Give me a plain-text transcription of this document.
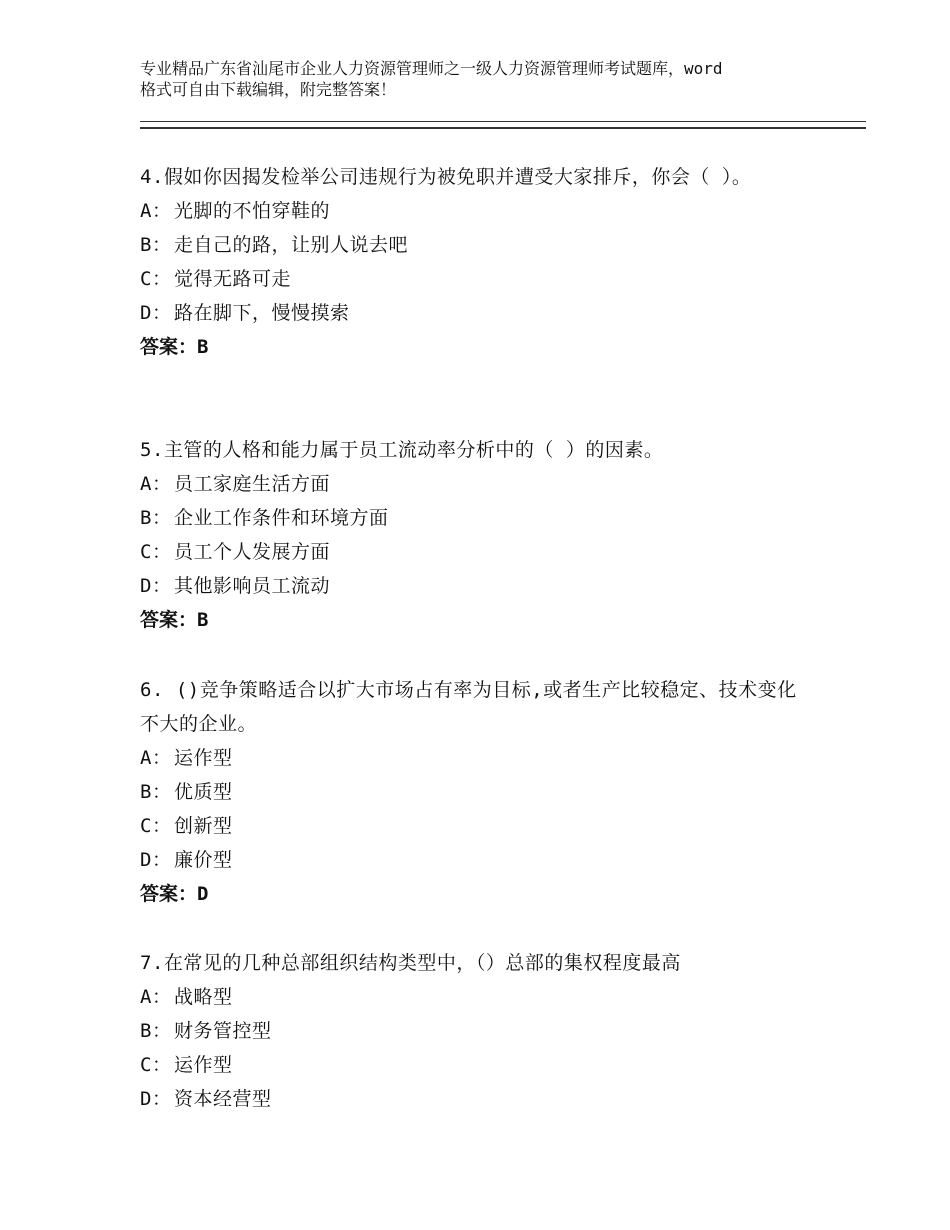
专业精品广东省汕尾市企业人力资源管理师之一级人力资源管理师考试题库，word
格式可自由下载编辑，附完整答案！
4.假如你因揭发检举公司违规行为被免职并遭受大家排斥，你会（ ）。
A： 光脚的不怕穿鞋的
B： 走自己的路，让别人说去吧
C： 觉得无路可走
D： 路在脚下，慢慢摸索
答案：B
5.主管的人格和能力属于员工流动率分析中的（ ）的因素。
A： 员工家庭生活方面
B： 企业工作条件和环境方面
C： 员工个人发展方面
D： 其他影响员工流动
答案：B
6. ()竞争策略适合以扩大市场占有率为目标,或者生产比较稳定、技术变化不大的企业。
A： 运作型
B： 优质型
C： 创新型
D： 廉价型
答案：D
7.在常见的几种总部组织结构类型中，（）总部的集权程度最高
A： 战略型
B： 财务管控型
C： 运作型
D： 资本经营型
